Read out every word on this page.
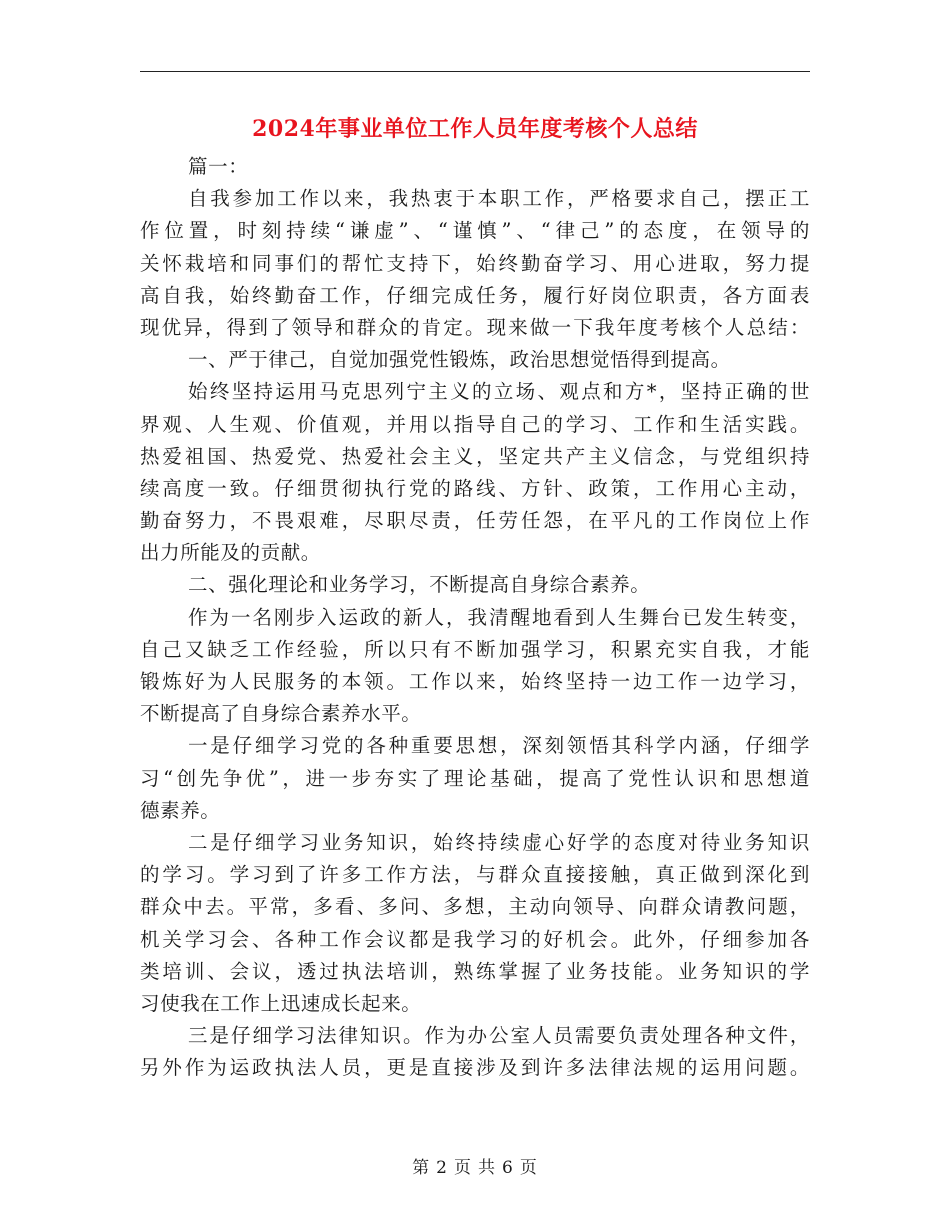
2024年事业单位工作人员年度考核个人总结
篇一：
自我参加工作以来，我热衷于本职工作，严格要求自己，摆正工
作位置，时刻持续“谦虚”、“谨慎”、“律己”的态度，在领导的
关怀栽培和同事们的帮忙支持下，始终勤奋学习、用心进取，努力提
高自我，始终勤奋工作，仔细完成任务，履行好岗位职责，各方面表
现优异，得到了领导和群众的肯定。现来做一下我年度考核个人总结：
一、严于律己，自觉加强党性锻炼，政治思想觉悟得到提高。
始终坚持运用马克思列宁主义的立场、观点和方*，坚持正确的世
界观、人生观、价值观，并用以指导自己的学习、工作和生活实践。
热爱祖国、热爱党、热爱社会主义，坚定共产主义信念，与党组织持
续高度一致。仔细贯彻执行党的路线、方针、政策，工作用心主动，
勤奋努力，不畏艰难，尽职尽责，任劳任怨，在平凡的工作岗位上作
出力所能及的贡献。
二、强化理论和业务学习，不断提高自身综合素养。
作为一名刚步入运政的新人，我清醒地看到人生舞台已发生转变，
自己又缺乏工作经验，所以只有不断加强学习，积累充实自我，才能
锻炼好为人民服务的本领。工作以来，始终坚持一边工作一边学习，
不断提高了自身综合素养水平。
一是仔细学习党的各种重要思想，深刻领悟其科学内涵，仔细学
习“创先争优”，进一步夯实了理论基础，提高了党性认识和思想道
德素养。
二是仔细学习业务知识，始终持续虚心好学的态度对待业务知识
的学习。学习到了许多工作方法，与群众直接接触，真正做到深化到
群众中去。平常，多看、多问、多想，主动向领导、向群众请教问题，
机关学习会、各种工作会议都是我学习的好机会。此外，仔细参加各
类培训、会议，透过执法培训，熟练掌握了业务技能。业务知识的学
习使我在工作上迅速成长起来。
三是仔细学习法律知识。作为办公室人员需要负责处理各种文件，
另外作为运政执法人员，更是直接涉及到许多法律法规的运用问题。
第 2 页 共 6 页
